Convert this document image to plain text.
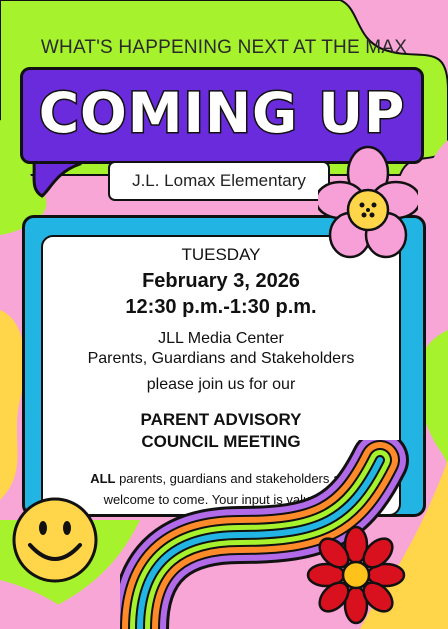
WHAT'S HAPPENING NEXT AT THE MAX
COMING UP
J.L. Lomax Elementary
TUESDAY
February 3, 2026
12:30 p.m.-1:30 p.m.
JLL Media Center
Parents, Guardians and Stakeholders
please join us for our
PARENT ADVISORY
COUNCIL MEETING
ALL parents, guardians and stakeholders are
welcome to come. Your input is valuable.
